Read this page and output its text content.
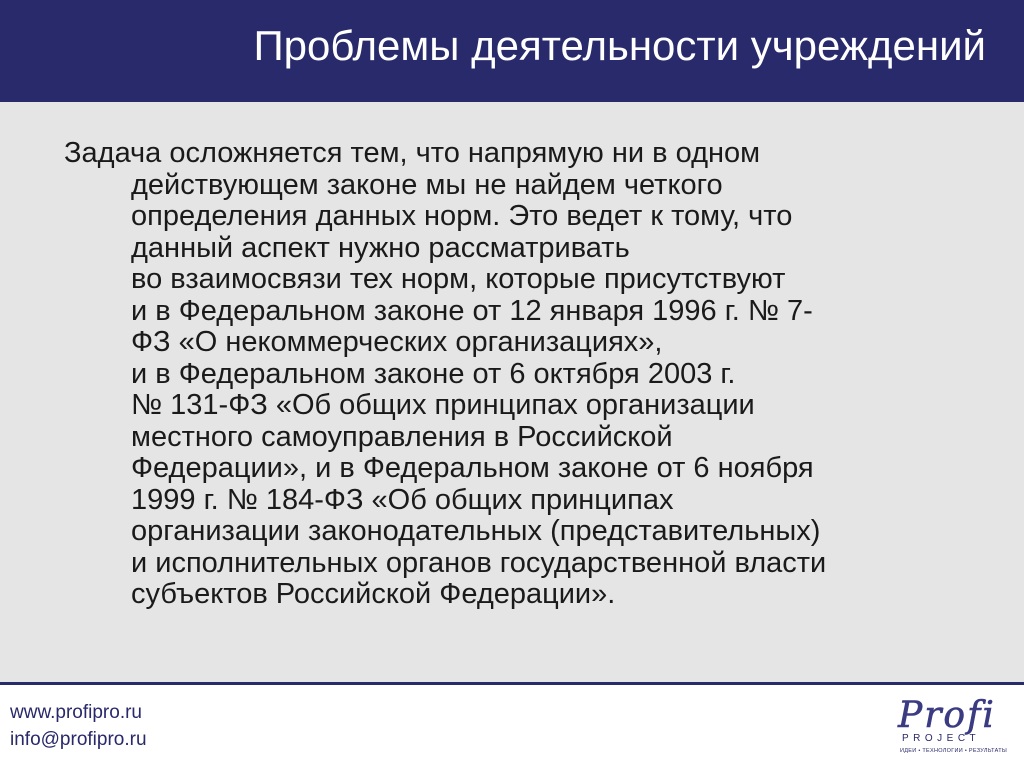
Проблемы деятельности учреждений
Задача осложняется тем, что напрямую ни в одном
действующем законе мы не найдем четкого
определения данных норм. Это ведет к тому, что
данный аспект нужно рассматривать
во взаимосвязи тех норм, которые присутствуют
и в Федеральном законе от 12 января 1996 г. № 7-
ФЗ «О некоммерческих организациях»,
и в Федеральном законе от 6 октября 2003 г.
№ 131-ФЗ «Об общих принципах организации
местного самоуправления в Российской
Федерации», и в Федеральном законе от 6 ноября
1999 г. № 184-ФЗ «Об общих принципах
организации законодательных (представительных)
и исполнительных органов государственной власти
субъектов Российской Федерации».
www.profipro.ru
info@profipro.ru
Profi
PROJECT
ИДЕИ • ТЕХНОЛОГИИ • РЕЗУЛЬТАТЫ
